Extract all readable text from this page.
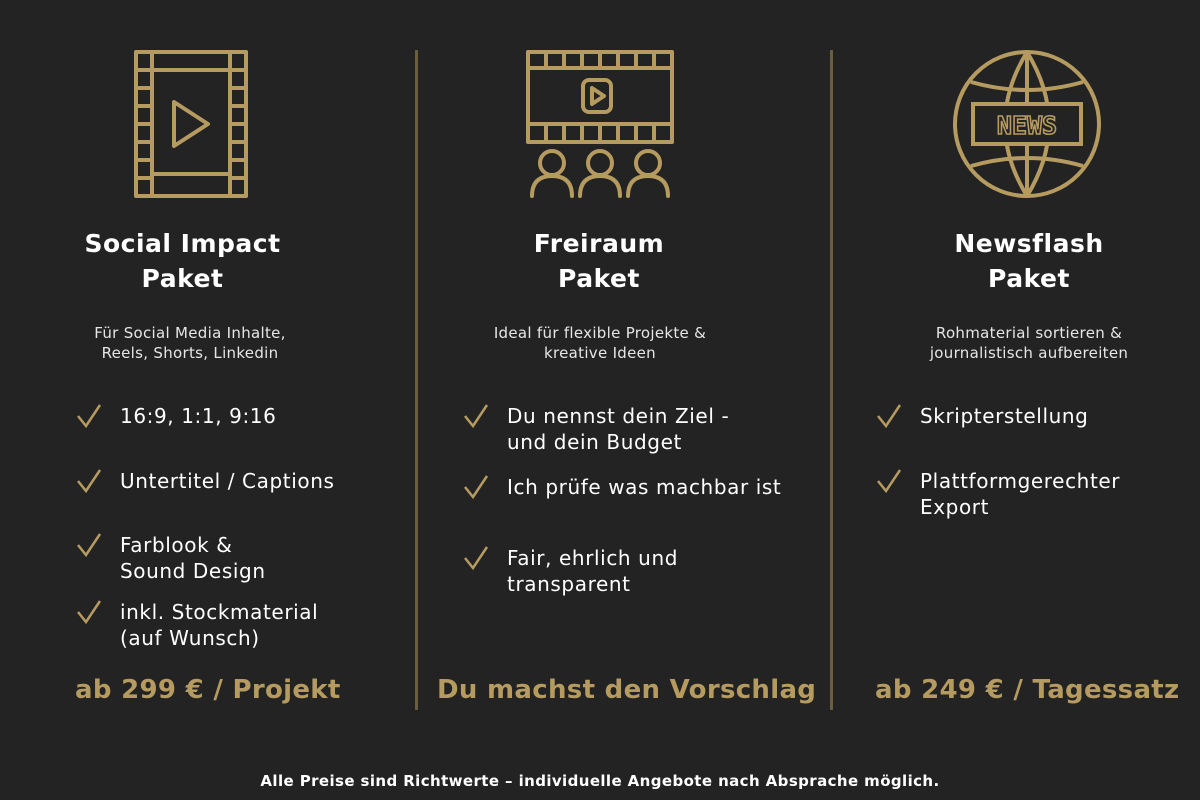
Social Impact
Paket
Für Social Media Inhalte,
Reels, Shorts, Linkedin
16:9, 1:1, 9:16
Untertitel / Captions
Farblook &
Sound Design
inkl. Stockmaterial
(auf Wunsch)
ab 299 € / Projekt
Freiraum
Paket
Ideal für flexible Projekte &
kreative Ideen
Du nennst dein Ziel -
und dein Budget
Ich prüfe was machbar ist
Fair, ehrlich und
transparent
Du machst den Vorschlag
NEWS
Newsflash
Paket
Rohmaterial sortieren &
journalistisch aufbereiten
Skripterstellung
Plattformgerechter
Export
ab 249 € / Tagessatz
Alle Preise sind Richtwerte – individuelle Angebote nach Absprache möglich.
